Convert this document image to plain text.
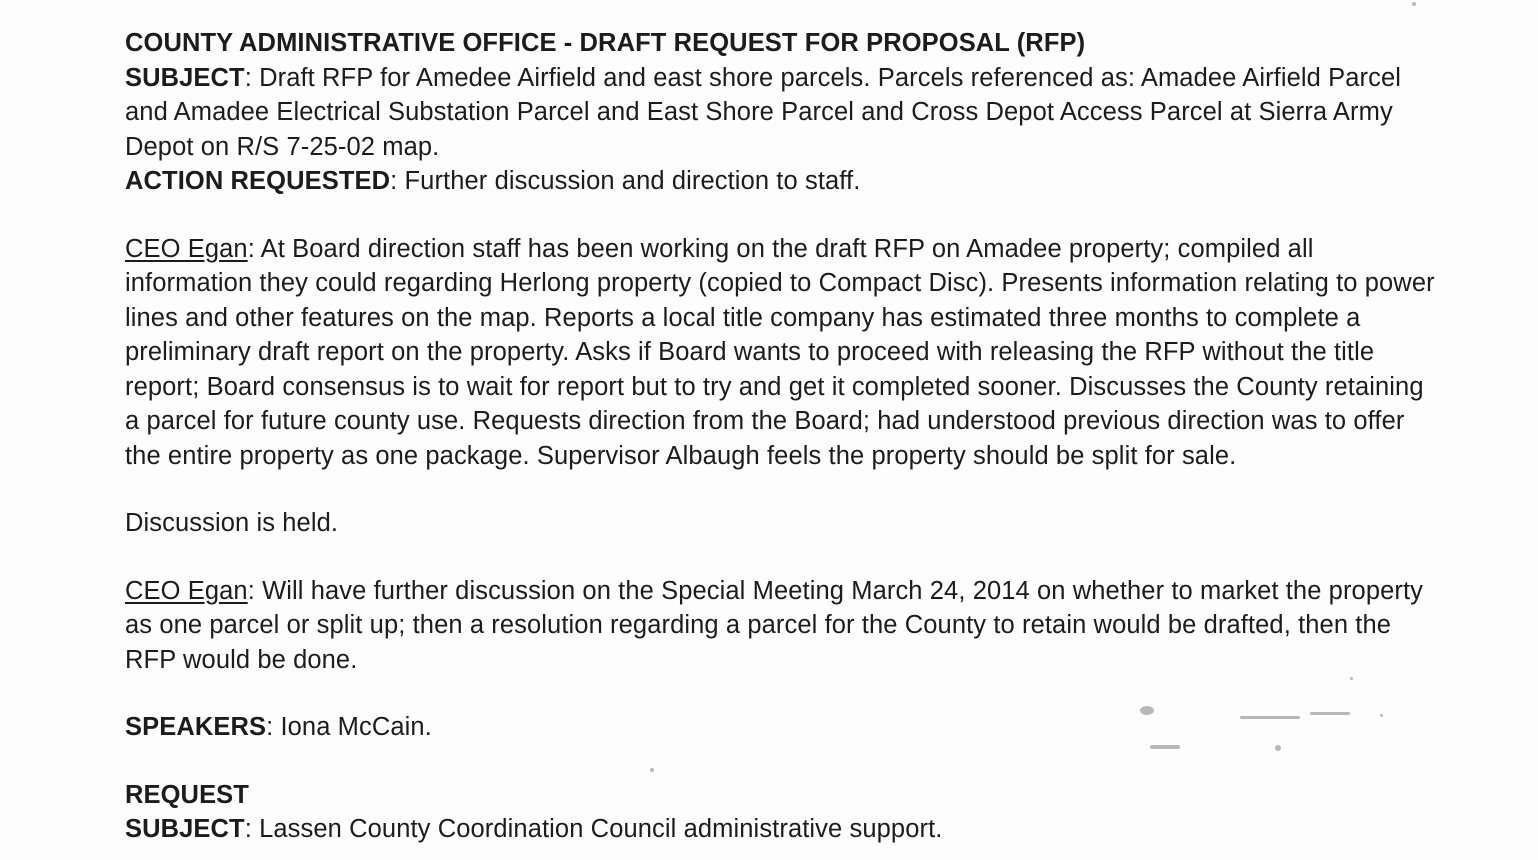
COUNTY ADMINISTRATIVE OFFICE - DRAFT REQUEST FOR PROPOSAL (RFP)

SUBJECT: Draft RFP for Amedee Airfield and east shore parcels. Parcels referenced as: Amadee Airfield Parcel and Amadee Electrical Substation Parcel and East Shore Parcel and Cross Depot Access Parcel at Sierra Army Depot on R/S 7-25-02 map.

ACTION REQUESTED: Further discussion and direction to staff.

CEO Egan: At Board direction staff has been working on the draft RFP on Amadee property; compiled all information they could regarding Herlong property (copied to Compact Disc). Presents information relating to power lines and other features on the map. Reports a local title company has estimated three months to complete a preliminary draft report on the property. Asks if Board wants to proceed with releasing the RFP without the title report; Board consensus is to wait for report but to try and get it completed sooner. Discusses the County retaining a parcel for future county use. Requests direction from the Board; had understood previous direction was to offer the entire property as one package. Supervisor Albaugh feels the property should be split for sale.

Discussion is held.

CEO Egan: Will have further discussion on the Special Meeting March 24, 2014 on whether to market the property as one parcel or split up; then a resolution regarding a parcel for the County to retain would be drafted, then the RFP would be done.

SPEAKERS: Iona McCain.

REQUEST

SUBJECT: Lassen County Coordination Council administrative support.
